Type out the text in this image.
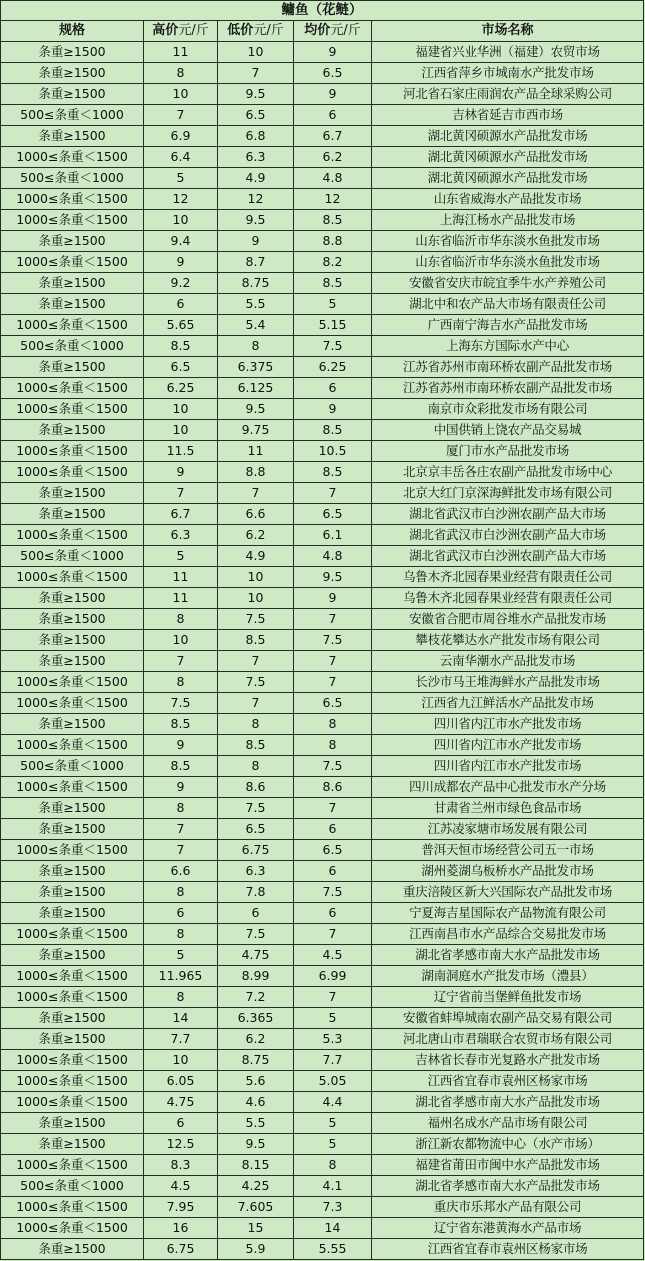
鳙鱼（花鲢）				
规格	高价元/斤	低价元/斤	均价元/斤	市场名称
条重≥1500	11	10	9	福建省兴业华洲（福建）农贸市场
条重≥1500	8	7	6.5	江西省萍乡市城南水产批发市场
条重≥1500	10	9.5	9	河北省石家庄雨润农产品全球采购公司
500≤条重＜1000	7	6.5	6	吉林省延吉市西市场
条重≥1500	6.9	6.8	6.7	湖北黄冈硕源水产品批发市场
1000≤条重＜1500	6.4	6.3	6.2	湖北黄冈硕源水产品批发市场
500≤条重＜1000	5	4.9	4.8	湖北黄冈硕源水产品批发市场
1000≤条重＜1500	12	12	12	山东省威海水产品批发市场
1000≤条重＜1500	10	9.5	8.5	上海江杨水产品批发市场
条重≥1500	9.4	9	8.8	山东省临沂市华东淡水鱼批发市场
1000≤条重＜1500	9	8.7	8.2	山东省临沂市华东淡水鱼批发市场
条重≥1500	9.2	8.75	8.5	安徽省安庆市皖宜季牛水产养殖公司
条重≥1500	6	5.5	5	湖北中和农产品大市场有限责任公司
1000≤条重＜1500	5.65	5.4	5.15	广西南宁海吉水产品批发市场
500≤条重＜1000	8.5	8	7.5	上海东方国际水产中心
条重≥1500	6.5	6.375	6.25	江苏省苏州市南环桥农副产品批发市场
1000≤条重＜1500	6.25	6.125	6	江苏省苏州市南环桥农副产品批发市场
1000≤条重＜1500	10	9.5	9	南京市众彩批发市场有限公司
条重≥1500	10	9.75	8.5	中国供销上饶农产品交易城
1000≤条重＜1500	11.5	11	10.5	厦门市水产品批发市场
1000≤条重＜1500	9	8.8	8.5	北京京丰岳各庄农副产品批发市场中心
条重≥1500	7	7	7	北京大红门京深海鲜批发市场有限公司
条重≥1500	6.7	6.6	6.5	湖北省武汉市白沙洲农副产品大市场
1000≤条重＜1500	6.3	6.2	6.1	湖北省武汉市白沙洲农副产品大市场
500≤条重＜1000	5	4.9	4.8	湖北省武汉市白沙洲农副产品大市场
1000≤条重＜1500	11	10	9.5	乌鲁木齐北园春果业经营有限责任公司
条重≥1500	11	10	9	乌鲁木齐北园春果业经营有限责任公司
条重≥1500	8	7.5	7	安徽省合肥市周谷堆水产品批发市场
条重≥1500	10	8.5	7.5	攀枝花攀达水产批发市场有限公司
条重≥1500	7	7	7	云南华潮水产品批发市场
1000≤条重＜1500	8	7.5	7	长沙市马王堆海鲜水产品批发市场
1000≤条重＜1500	7.5	7	6.5	江西省九江鲜活水产品批发市场
条重≥1500	8.5	8	8	四川省内江市水产批发市场
1000≤条重＜1500	9	8.5	8	四川省内江市水产批发市场
500≤条重＜1000	8.5	8	7.5	四川省内江市水产批发市场
1000≤条重＜1500	9	8.6	8.6	四川成都农产品中心批发市水产分场
条重≥1500	8	7.5	7	甘肃省兰州市绿色食品市场
条重≥1500	7	6.5	6	江苏凌家塘市场发展有限公司
1000≤条重＜1500	7	6.75	6.5	普洱天恒市场经营公司五一市场
条重≥1500	6.6	6.3	6	湖州菱湖乌板桥水产品批发市场
条重≥1500	8	7.8	7.5	重庆涪陵区新大兴国际农产品批发市场
条重≥1500	6	6	6	宁夏海吉星国际农产品物流有限公司
1000≤条重＜1500	8	7.5	7	江西南昌市水产品综合交易批发市场
条重≥1500	5	4.75	4.5	湖北省孝感市南大水产品批发市场
1000≤条重＜1500	11.965	8.99	6.99	湖南洞庭水产批发市场（澧县）
1000≤条重＜1500	8	7.2	7	辽宁省前当堡鲜鱼批发市场
条重≥1500	14	6.365	5	安徽省蚌埠城南农副产品交易有限公司
条重≥1500	7.7	6.2	5.3	河北唐山市君瑞联合农贸市场有限公司
1000≤条重＜1500	10	8.75	7.7	吉林省长春市光复路水产批发市场
1000≤条重＜1500	6.05	5.6	5.05	江西省宜春市袁州区杨家市场
1000≤条重＜1500	4.75	4.6	4.4	湖北省孝感市南大水产品批发市场
条重≥1500	6	5.5	5	福州名成水产品市场有限公司
条重≥1500	12.5	9.5	5	浙江新农都物流中心（水产市场）
1000≤条重＜1500	8.3	8.15	8	福建省莆田市闽中水产品批发市场
500≤条重＜1000	4.5	4.25	4.1	湖北省孝感市南大水产品批发市场
1000≤条重＜1500	7.95	7.605	7.3	重庆市乐邦水产品有限公司
1000≤条重＜1500	16	15	14	辽宁省东港黄海水产品市场
条重≥1500	6.75	5.9	5.55	江西省宜春市袁州区杨家市场
